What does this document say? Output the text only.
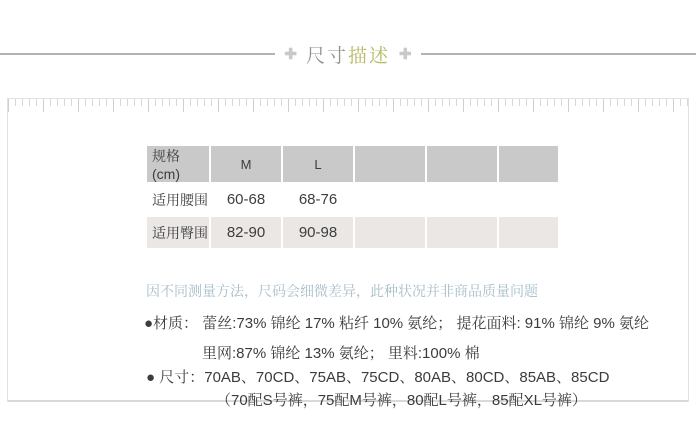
✚ 尺寸描述 ✚
规格 (cm)	M	L			
适用腰围	60-68	68-76			
适用臀围	82-90	90-98			

因不同测量方法，尺码会细微差异，此种状况并非商品质量问题

●材质： 蕾丝:73% 锦纶 17% 粘纤 10% 氨纶； 提花面料: 91% 锦纶 9% 氨纶

里网:87% 锦纶 13% 氨纶； 里料:100% 棉

● 尺寸：70AB、70CD、75AB、75CD、80AB、80CD、85AB、85CD

（70配S号裤，75配M号裤，80配L号裤，85配XL号裤）
